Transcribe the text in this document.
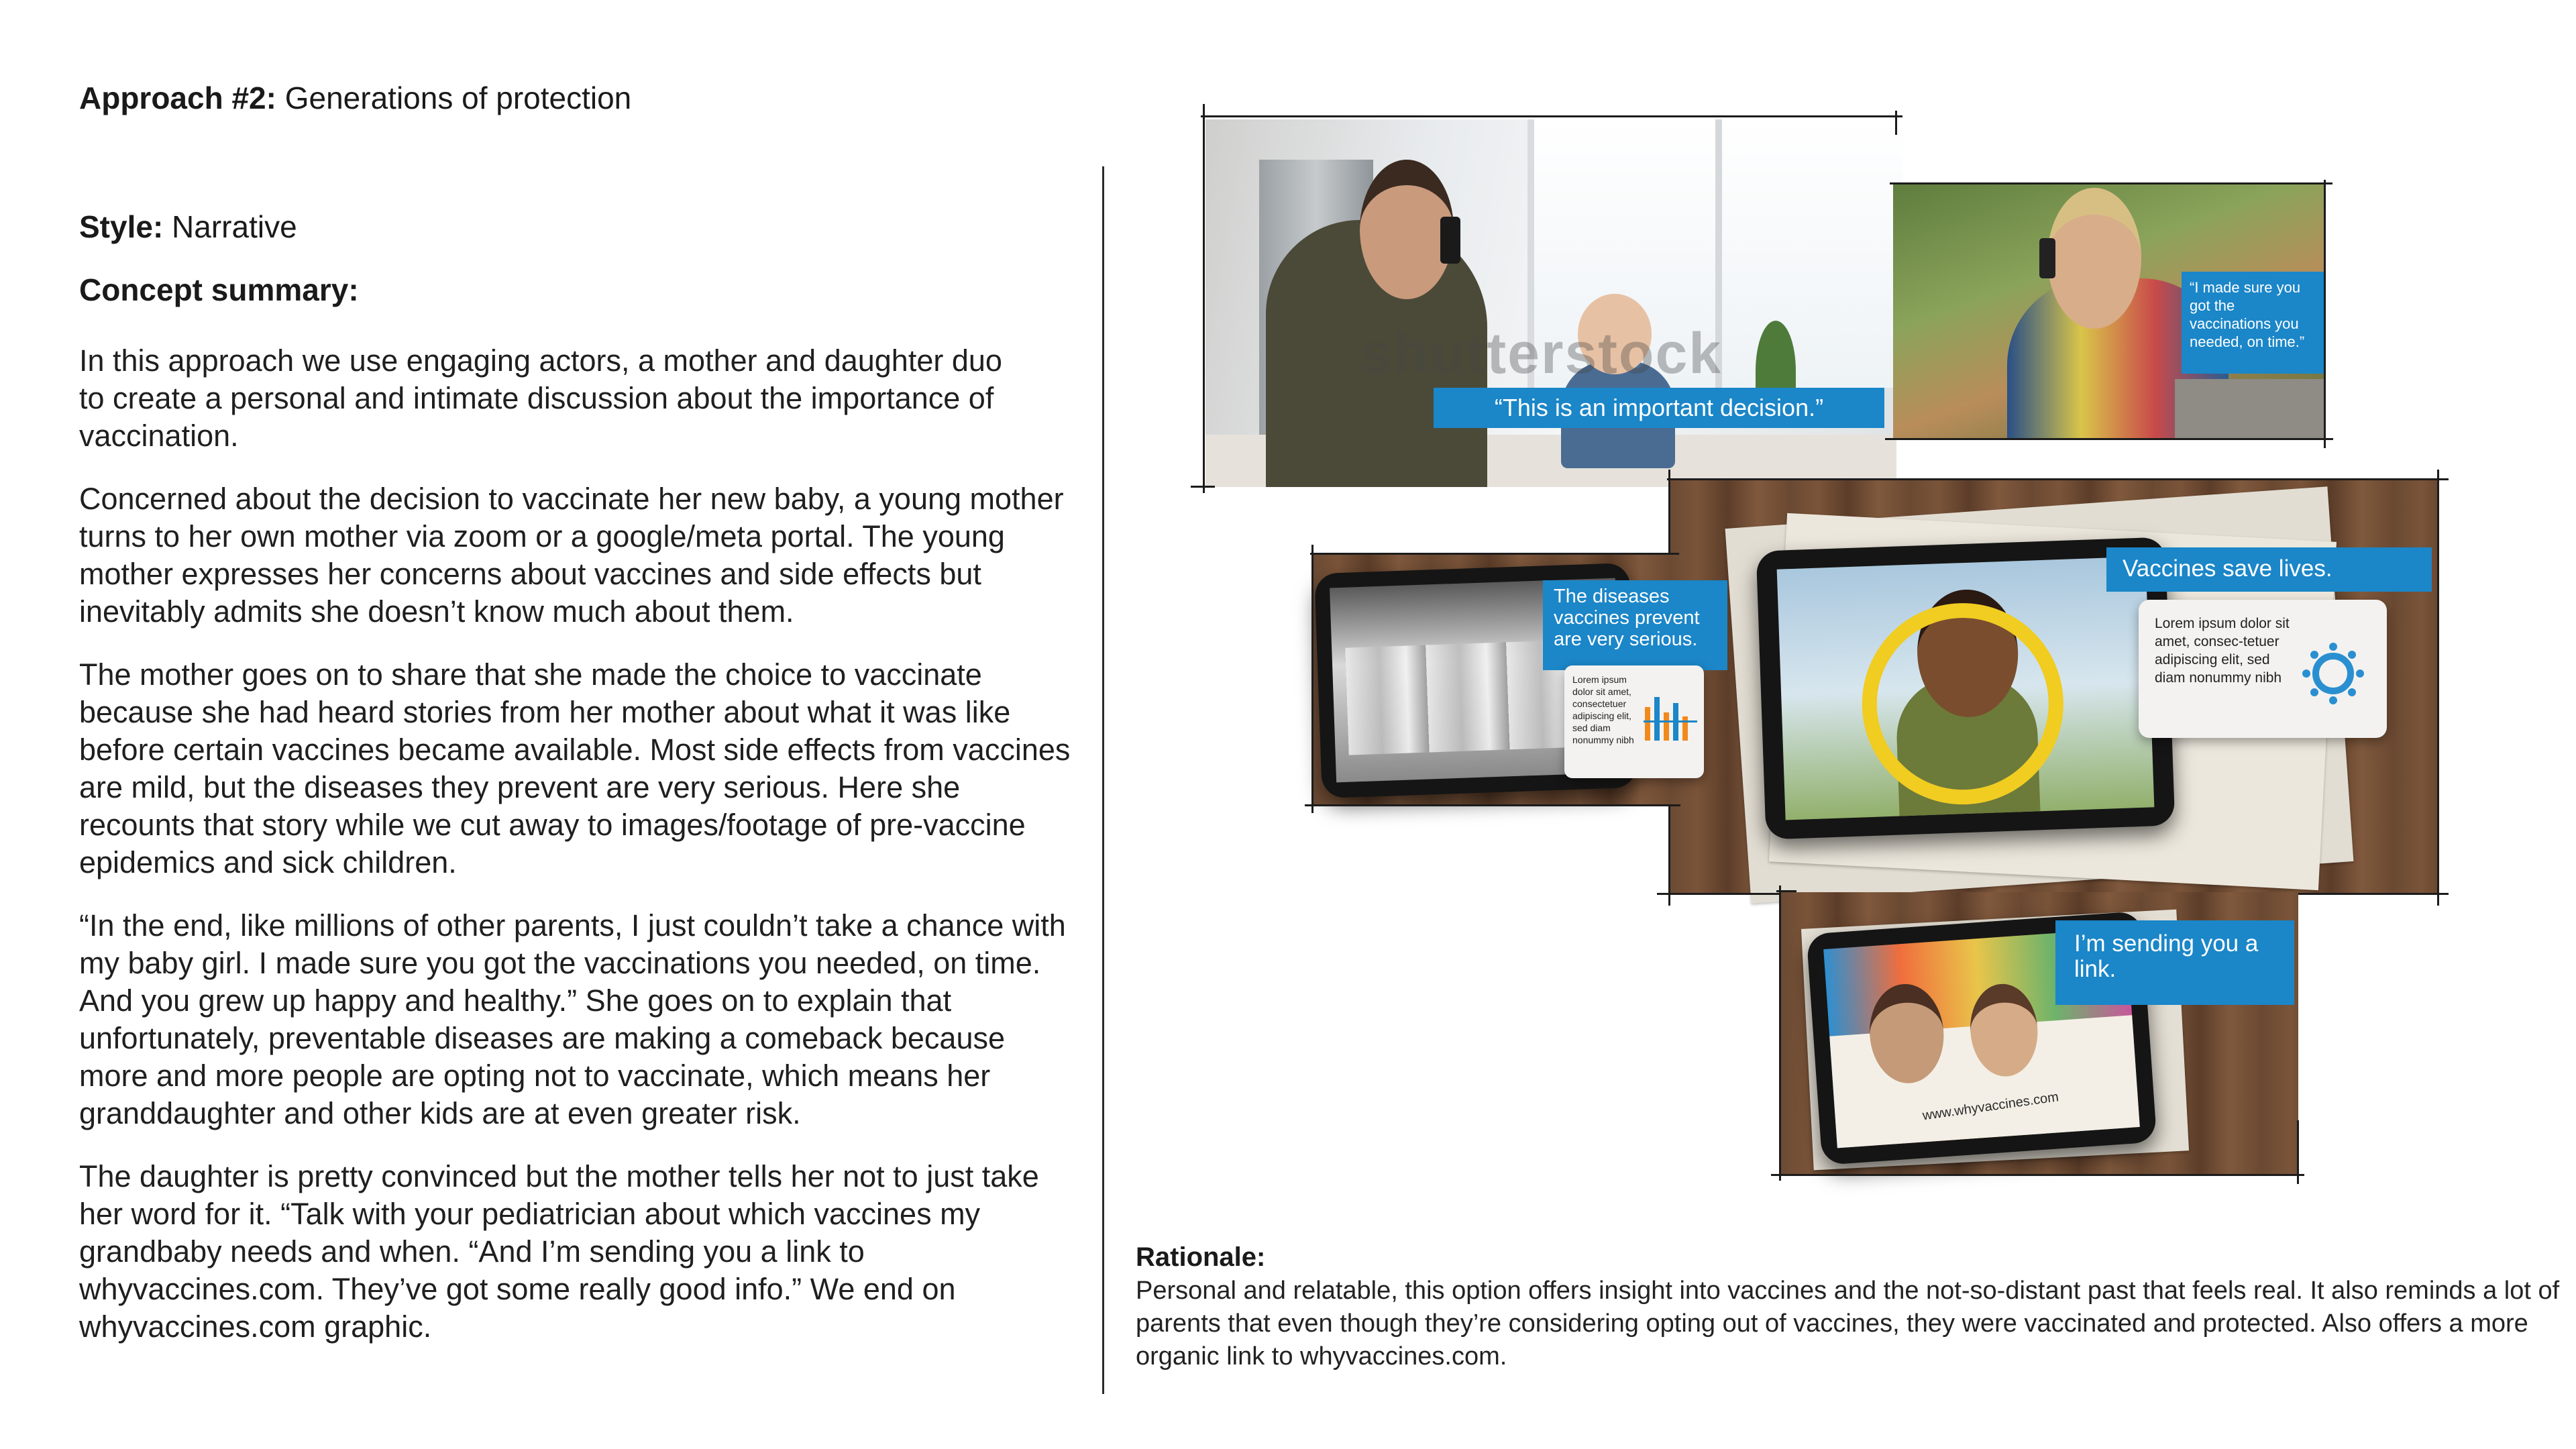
Approach #2: Generations of protection
Style: Narrative
Concept summary:

In this approach we use engaging actors, a mother and daughter duo to create a personal and intimate discussion about the importance of vaccination.

Concerned about the decision to vaccinate her new baby, a young mother turns to her own mother via zoom or a google/meta portal. The young mother expresses her concerns about vaccines and side effects but inevitably admits she doesn’t know much about them.

The mother goes on to share that she made the choice to vaccinate because she had heard stories from her mother about what it was like before certain vaccines became available. Most side effects from vaccines are mild, but the diseases they prevent are very serious. Here she recounts that story while we cut away to images/footage of pre-vaccine epidemics and sick children.

“In the end, like millions of other parents, I just couldn’t take a chance with my baby girl. I made sure you got the vaccinations you needed, on time. And you grew up happy and healthy.” She goes on to explain that unfortunately, preventable diseases are making a comeback because more and more people are opting not to vaccinate, which means her granddaughter and other kids are at even greater risk.

The daughter is pretty convinced but the mother tells her not to just take her word for it. “Talk with your pediatrician about which vaccines my grandbaby needs and when. “And I’m sending you a link to whyvaccines.com. They’ve got some really good info.” We end on whyvaccines.com graphic.

shutterstock
“This is an important decision.”
“I made sure you got the vaccinations you needed, on time.”
Vaccines save lives.
Lorem ipsum dolor sit amet, consec-tetuer adipiscing elit, sed diam nonummy nibh
The diseases vaccines prevent are very serious.
Lorem ipsum dolor sit amet, consectetuer adipiscing elit, sed diam nonummy nibh
www.whyvaccines.com
I’m sending you a link.
Rationale:
Personal and relatable, this option offers insight into vaccines and the not-so-distant past that feels real. It also reminds a lot of parents that even though they’re considering opting out of vaccines, they were vaccinated and protected. Also offers a more organic link to whyvaccines.com.
